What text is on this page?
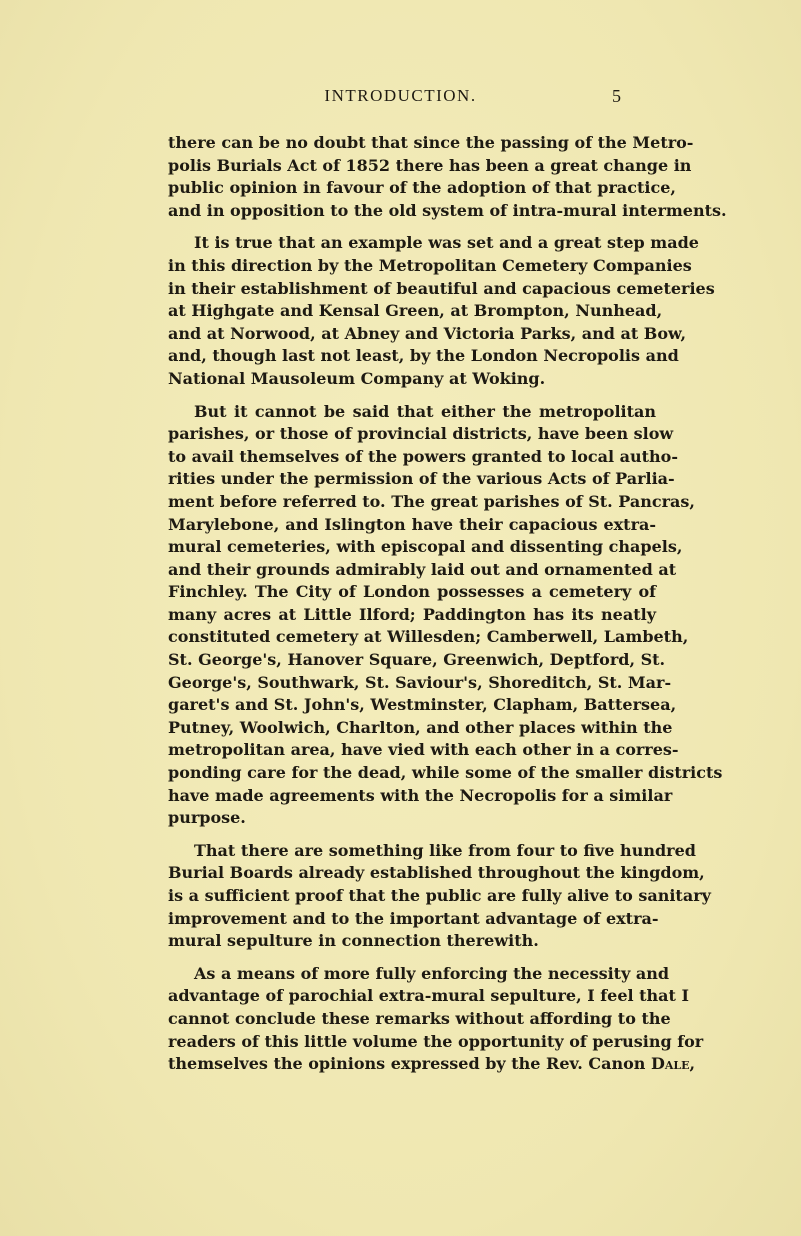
INTRODUCTION.	5
there can be no doubt that since the passing of the Metro-
polis Burials Act of 1852 there has been a great change in
public opinion in favour of the adoption of that practice,
and in opposition to the old system of intra-mural interments.
It is true that an example was set and a great step made
in this direction by the Metropolitan Cemetery Companies
in their establishment of beautiful and capacious cemeteries
at Highgate and Kensal Green, at Brompton, Nunhead,
and at Norwood, at Abney and Victoria Parks, and at Bow,
and, though last not least, by the London Necropolis and
National Mausoleum Company at Woking.
But it cannot be said that either the metropolitan
parishes, or those of provincial districts, have been slow
to avail themselves of the powers granted to local autho-
rities under the permission of the various Acts of Parlia-
ment before referred to. The great parishes of St. Pancras,
Marylebone, and Islington have their capacious extra-
mural cemeteries, with episcopal and dissenting chapels,
and their grounds admirably laid out and ornamented at
Finchley. The City of London possesses a cemetery of
many acres at Little Ilford; Paddington has its neatly
constituted cemetery at Willesden; Camberwell, Lambeth,
St. George's, Hanover Square, Greenwich, Deptford, St.
George's, Southwark, St. Saviour's, Shoreditch, St. Mar-
garet's and St. John's, Westminster, Clapham, Battersea,
Putney, Woolwich, Charlton, and other places within the
metropolitan area, have vied with each other in a corres-
ponding care for the dead, while some of the smaller districts
have made agreements with the Necropolis for a similar
purpose.
That there are something like from four to five hundred
Burial Boards already established throughout the kingdom,
is a sufficient proof that the public are fully alive to sanitary
improvement and to the important advantage of extra-
mural sepulture in connection therewith.
As a means of more fully enforcing the necessity and
advantage of parochial extra-mural sepulture, I feel that I
cannot conclude these remarks without affording to the
readers of this little volume the opportunity of perusing for
themselves the opinions expressed by the Rev. Canon Dale,
